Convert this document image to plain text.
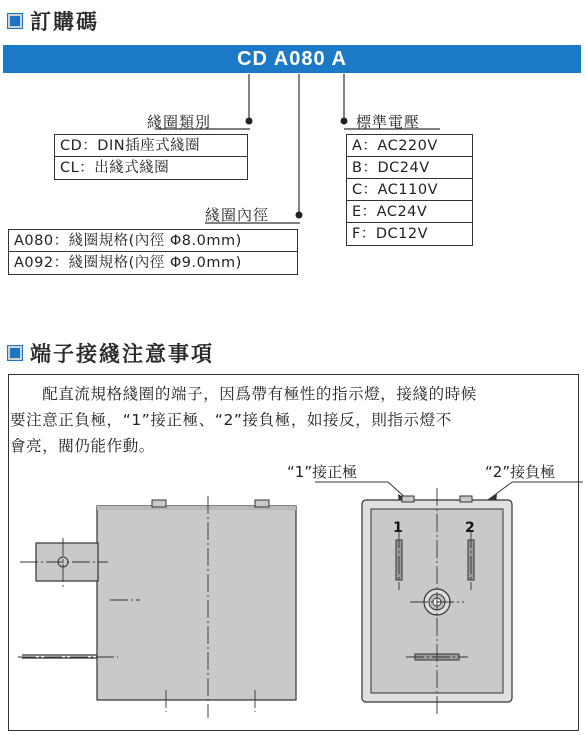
訂購碼
CD A080 A
綫圈類別
CD：DIN插座式綫圈
CL：出綫式綫圈
標準電壓
A：AC220V
B：DC24V
C：AC110V
E：AC24V
F：DC12V
綫圈內徑
A080：綫圈規格(內徑 Φ8.0mm)
A092：綫圈規格(內徑 Φ9.0mm)
端子接綫注意事項
　　配直流規格綫圈的端子，因爲帶有極性的指示燈，接綫的時候
要注意正負極，“1”接正極、“2”接負極，如接反，則指示燈不
會亮，閥仍能作動。
“1”接正極	“2”接負極
1	2
